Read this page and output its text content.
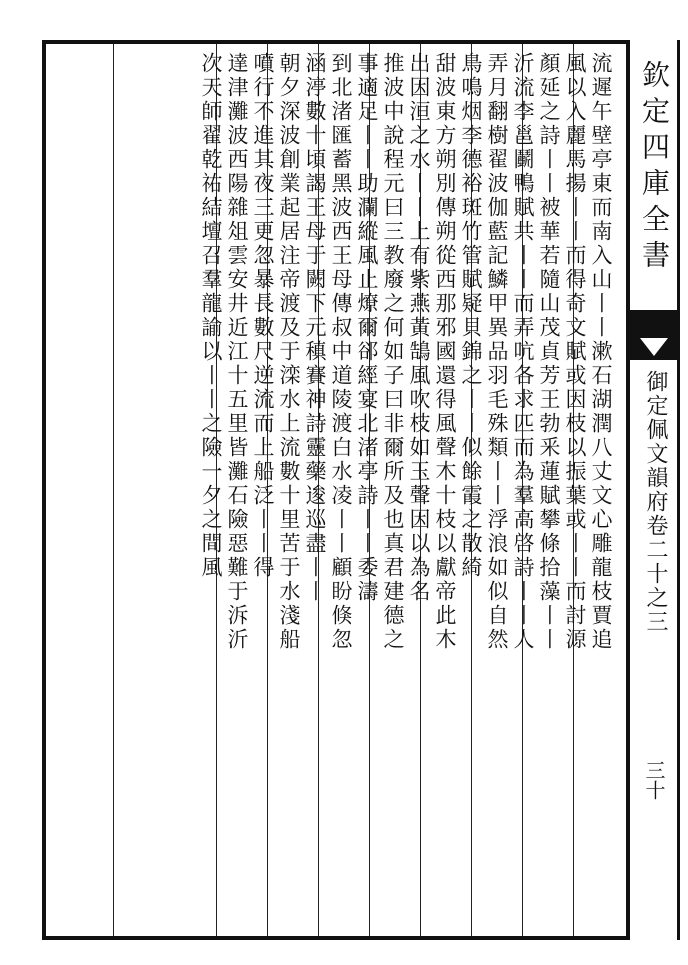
欽定四庫全書
御定佩文韻府卷二十之三
三十
流遲午壁亭東而南入山丨丨漱石湖潤八丈文心雕龍枝賈追
風以入麗馬揚丨丨而得奇文賦或因枝以振葉或丨丨而討源
顏延之詩丨丨被華若隨山茂貞芳王勃釆蓮賦攀條拾藻丨丨
沂流李邕鬬鴨賦共丨丨而弄吭各求匹而為羣高啓詩丨丨人
弄月翻樹翟波伽藍記鱗甲異品羽毛殊類丨丨浮浪如似自然
鳥鳴烟李德裕斑竹管賦疑貝錦之丨丨似餘霞之散綺
甜波東方朔別傳朔從西那邪國還得風聲木十枝以獻帝此木
出因洹之水丨丨上有紫燕黃鵠風吹枝如玉聲因以為名
推波中說程元曰三教廢之何如子曰非爾所及也真君建德之
事適足丨丨助瀾縱風止燎爾郤經宴北渚亭詩丨丨委濤
到北渚匯蓄黑波西王母傳叔中道陵渡白水凌丨丨顧盼倏忽
涵渟數十頃謁王母于闕下元稹賽神詩靈藥逡巡盡丨丨
朝夕深波創業起居注帝渡及于滦水上流數十里苦于水淺船
噴行不進其夜三更忽暴長數尺逆流而上船泛丨丨得
達津灘波西陽雜俎雲安井近江十五里皆灘石險惡難于泝沂
次天師翟乾祐結壇召羣龍諭以丨丨之險一夕之間風
